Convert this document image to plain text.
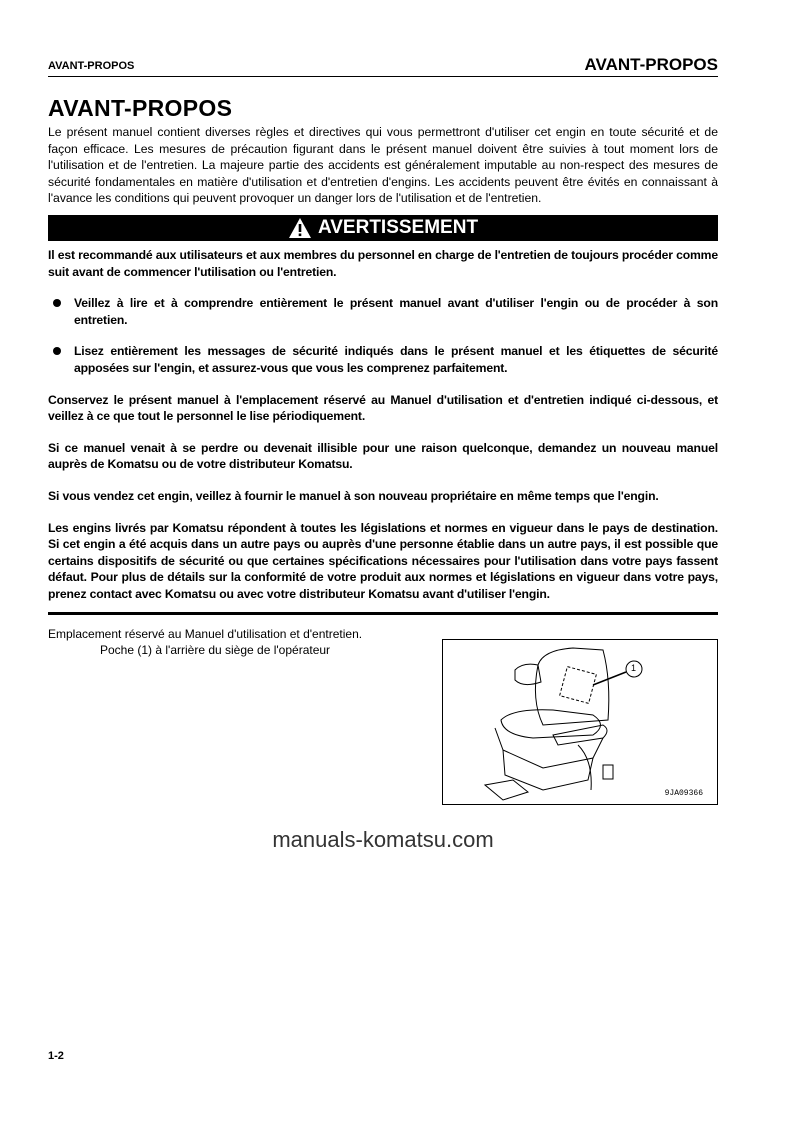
AVANT-PROPOS	AVANT-PROPOS
AVANT-PROPOS
Le présent manuel contient diverses règles et directives qui vous permettront d'utiliser cet engin en toute sécurité et de façon efficace. Les mesures de précaution figurant dans le présent manuel doivent être suivies à tout moment lors de l'utilisation et de l'entretien. La majeure partie des accidents est généralement imputable au non-respect des mesures de sécurité fondamentales en matière d'utilisation et d'entretien d'engins. Les accidents peuvent être évités en connaissant à l'avance les conditions qui peuvent provoquer un danger lors de l'utilisation et de l'entretien.
AVERTISSEMENT
Il est recommandé aux utilisateurs et aux membres du personnel en charge de l'entretien de toujours procéder comme suit avant de commencer l'utilisation ou l'entretien.
Veillez à lire et à comprendre entièrement le présent manuel avant d'utiliser l'engin ou de procéder à son entretien.
Lisez entièrement les messages de sécurité indiqués dans le présent manuel et les étiquettes de sécurité apposées sur l'engin, et assurez-vous que vous les comprenez parfaitement.
Conservez le présent manuel à l'emplacement réservé au Manuel d'utilisation et d'entretien indiqué ci-dessous, et veillez à ce que tout le personnel le lise périodiquement.
Si ce manuel venait à se perdre ou devenait illisible pour une raison quelconque, demandez un nouveau manuel auprès de Komatsu ou de votre distributeur Komatsu.
Si vous vendez cet engin, veillez à fournir le manuel à son nouveau propriétaire en même temps que l'engin.
Les engins livrés par Komatsu répondent à toutes les législations et normes en vigueur dans le pays de destination. Si cet engin a été acquis dans un autre pays ou auprès d'une personne établie dans un autre pays, il est possible que certains dispositifs de sécurité ou que certaines spécifications nécessaires pour l'utilisation dans votre pays fassent défaut. Pour plus de détails sur la conformité de votre produit aux normes et législations en vigueur dans votre pays, prenez contact avec Komatsu ou avec votre distributeur Komatsu avant d'utiliser l'engin.
Emplacement réservé au Manuel d'utilisation et d'entretien.
Poche (1) à l'arrière du siège de l'opérateur
1
9JA09366
manuals-komatsu.com
1-2
